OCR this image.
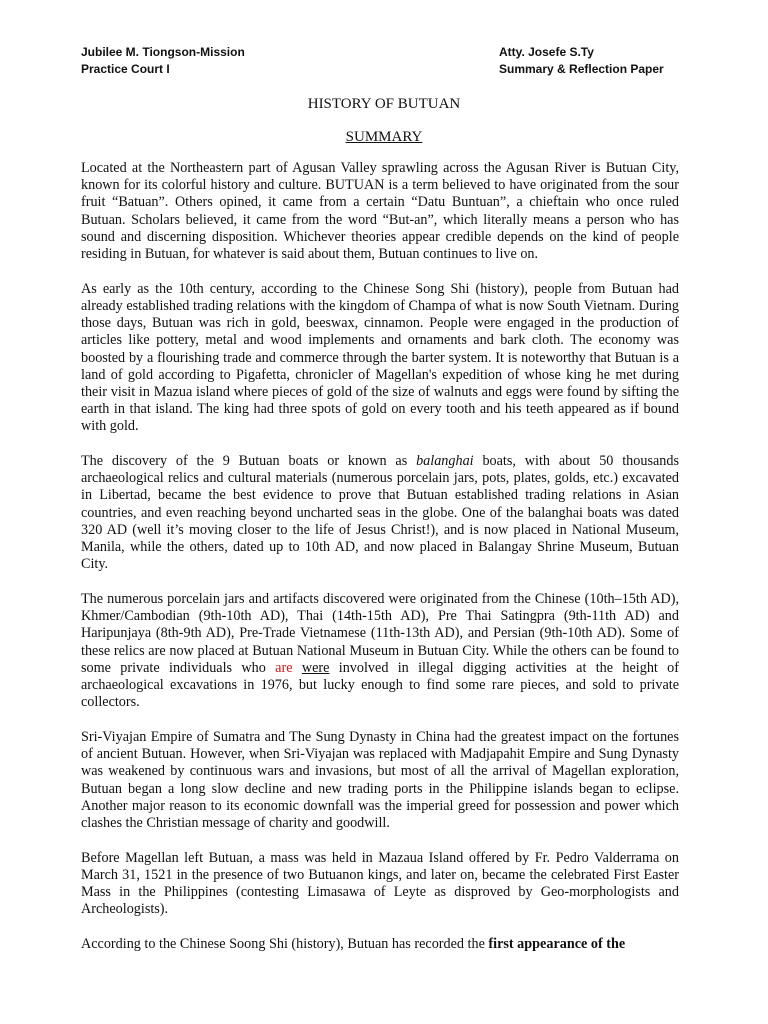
Jubilee M. Tiongson-Mission
Practice Court I
Atty. Josefe S.Ty
Summary & Reflection Paper
HISTORY OF BUTUAN
SUMMARY

Located at the Northeastern part of Agusan Valley sprawling across the Agusan River is Butuan City, known for its colorful history and culture. BUTUAN is a term believed to have originated from the sour fruit “Batuan”. Others opined, it came from a certain “Datu Buntuan”, a chieftain who once ruled Butuan. Scholars believed, it came from the word “But-an”, which literally means a person who has sound and discerning disposition. Whichever theories appear credible depends on the kind of people residing in Butuan, for whatever is said about them, Butuan continues to live on.

As early as the 10th century, according to the Chinese Song Shi (history), people from Butuan had already established trading relations with the kingdom of Champa of what is now South Vietnam. During those days, Butuan was rich in gold, beeswax, cinnamon. People were engaged in the production of articles like pottery, metal and wood implements and ornaments and bark cloth. The economy was boosted by a flourishing trade and commerce through the barter system. It is noteworthy that Butuan is a land of gold according to Pigafetta, chronicler of Magellan's expedition of whose king he met during their visit in Mazua island where pieces of gold of the size of walnuts and eggs were found by sifting the earth in that island. The king had three spots of gold on every tooth and his teeth appeared as if bound with gold.

The discovery of the 9 Butuan boats or known as balanghai boats, with about 50 thousands archaeological relics and cultural materials (numerous porcelain jars, pots, plates, golds, etc.) excavated in Libertad, became the best evidence to prove that Butuan established trading relations in Asian countries, and even reaching beyond uncharted seas in the globe. One of the balanghai boats was dated 320 AD (well it’s moving closer to the life of Jesus Christ!), and is now placed in National Museum, Manila, while the others, dated up to 10th AD, and now placed in Balangay Shrine Museum, Butuan City.

The numerous porcelain jars and artifacts discovered were originated from the Chinese (10th–15th AD), Khmer/Cambodian (9th-10th AD), Thai (14th-15th AD), Pre Thai Satingpra (9th-11th AD) and Haripunjaya (8th-9th AD), Pre-Trade Vietnamese (11th-13th AD), and Persian (9th-10th AD). Some of these relics are now placed at Butuan National Museum in Butuan City. While the others can be found to some private individuals who are were involved in illegal digging activities at the height of archaeological excavations in 1976, but lucky enough to find some rare pieces, and sold to private collectors.

Sri-Viyajan Empire of Sumatra and The Sung Dynasty in China had the greatest impact on the fortunes of ancient Butuan. However, when Sri-Viyajan was replaced with Madjapahit Empire and Sung Dynasty was weakened by continuous wars and invasions, but most of all the arrival of Magellan exploration, Butuan began a long slow decline and new trading ports in the Philippine islands began to eclipse. Another major reason to its economic downfall was the imperial greed for possession and power which clashes the Christian message of charity and goodwill.

Before Magellan left Butuan, a mass was held in Mazaua Island offered by Fr. Pedro Valderrama on March 31, 1521 in the presence of two Butuanon kings, and later on, became the celebrated First Easter Mass in the Philippines (contesting Limasawa of Leyte as disproved by Geo-morphologists and Archeologists).

According to the Chinese Soong Shi (history), Butuan has recorded the first appearance of the
